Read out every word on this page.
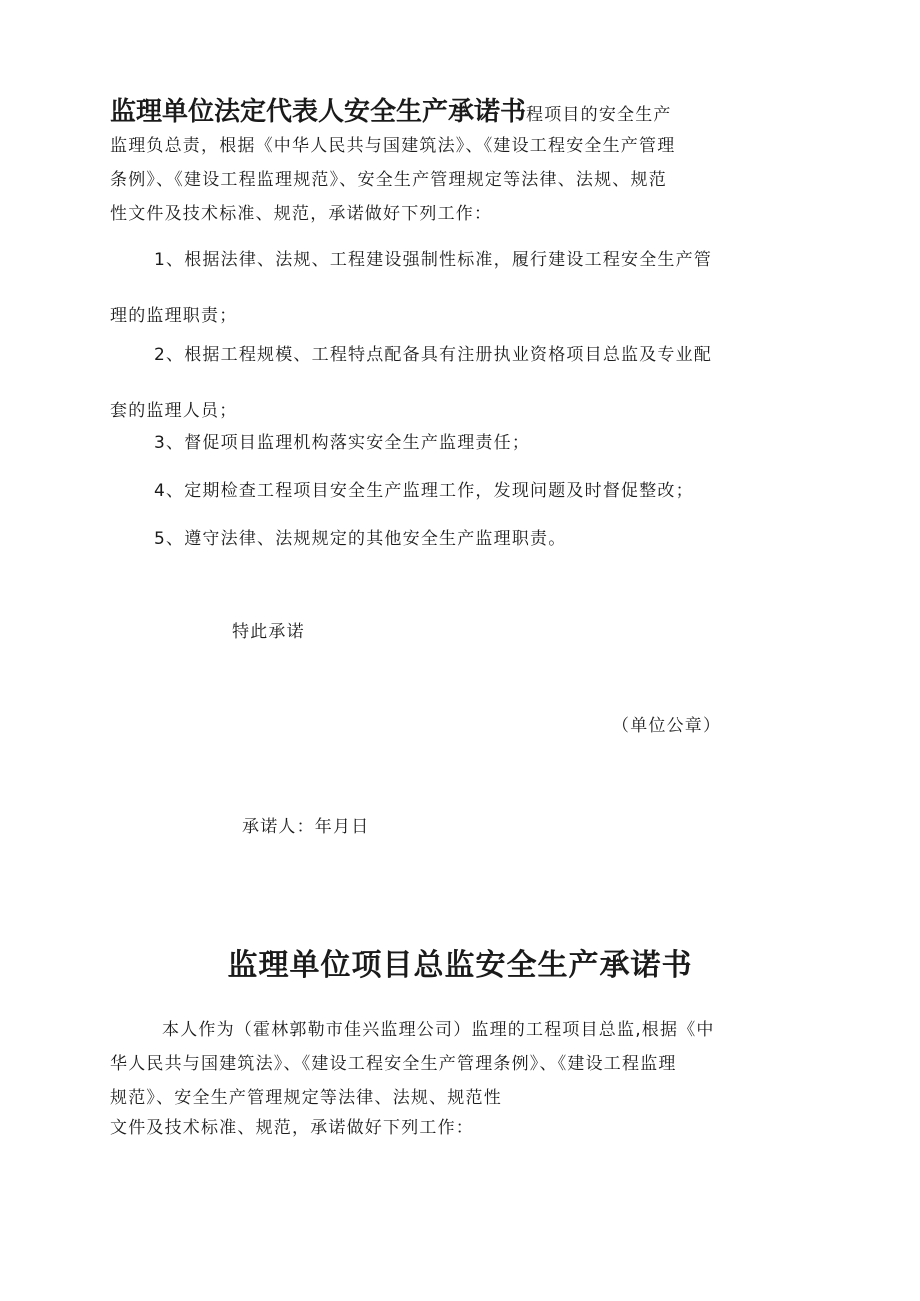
监理单位法定代表人安全生产承诺书程项目的安全生产
监理负总责，根据《中华人民共与国建筑法》、《建设工程安全生产管理
条例》、《建设工程监理规范》、安全生产管理规定等法律、法规、规范
性文件及技术标准、规范，承诺做好下列工作：
1、根据法律、法规、工程建设强制性标准，履行建设工程安全生产管
理的监理职责；
2、根据工程规模、工程特点配备具有注册执业资格项目总监及专业配
套的监理人员；
3、督促项目监理机构落实安全生产监理责任；
4、定期检查工程项目安全生产监理工作，发现问题及时督促整改；
5、遵守法律、法规规定的其他安全生产监理职责。
特此承诺
（单位公章）
承诺人：年月日
监理单位项目总监安全生产承诺书
本人作为（霍林郭勒市佳兴监理公司）监理的工程项目总监,根据《中
华人民共与国建筑法》、《建设工程安全生产管理条例》、《建设工程监理
规范》、安全生产管理规定等法律、法规、规范性
文件及技术标准、规范，承诺做好下列工作：
